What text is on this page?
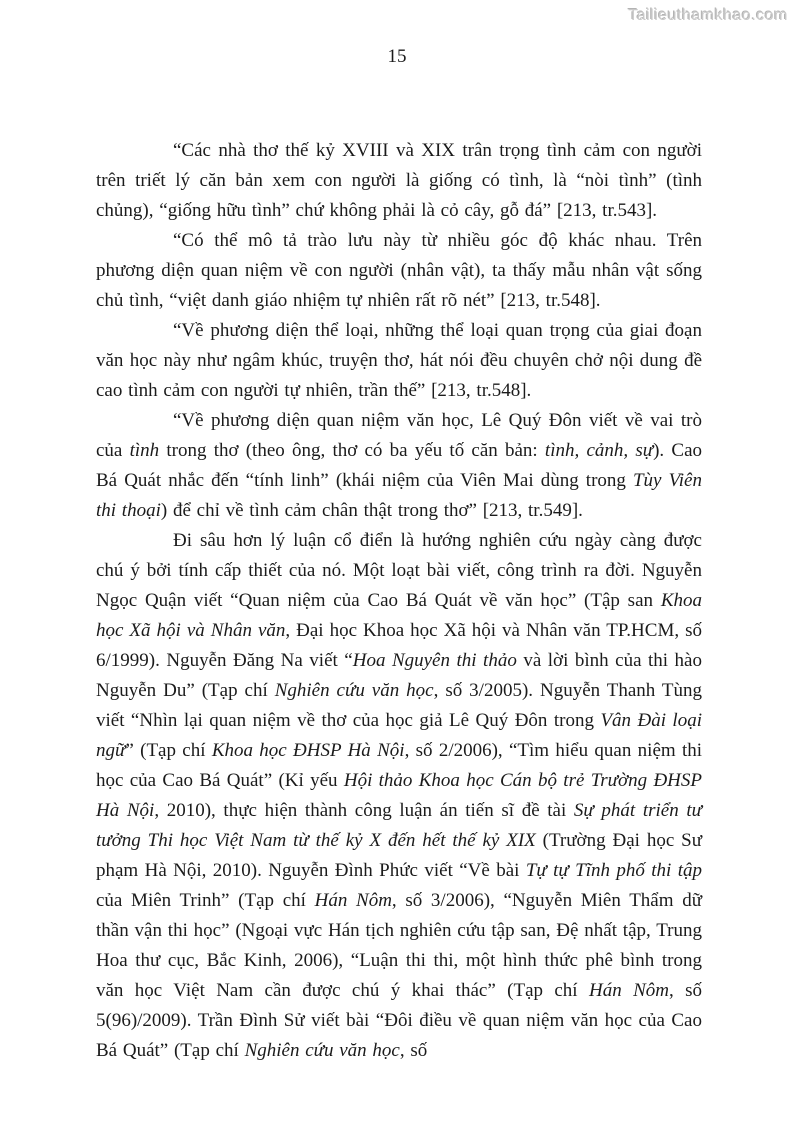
Tailieuthamkhao.com
15

“Các nhà thơ thế kỷ XVIII và XIX trân trọng tình cảm con người trên triết lý căn bản xem con người là giống có tình, là “nòi tình” (tình chủng), “giống hữu tình” chứ không phải là cỏ cây, gỗ đá” [213, tr.543].

“Có thể mô tả trào lưu này từ nhiều góc độ khác nhau. Trên phương diện quan niệm về con người (nhân vật), ta thấy mẫu nhân vật sống chủ tình, “việt danh giáo nhiệm tự nhiên rất rõ nét” [213, tr.548].

“Về phương diện thể loại, những thể loại quan trọng của giai đoạn văn học này như ngâm khúc, truyện thơ, hát nói đều chuyên chở nội dung đề cao tình cảm con người tự nhiên, trần thế” [213, tr.548].

“Về phương diện quan niệm văn học, Lê Quý Đôn viết về vai trò của tình trong thơ (theo ông, thơ có ba yếu tố căn bản: tình, cảnh, sự). Cao Bá Quát nhắc đến “tính linh” (khái niệm của Viên Mai dùng trong Tùy Viên thi thoại) để chỉ về tình cảm chân thật trong thơ” [213, tr.549].

Đi sâu hơn lý luận cổ điển là hướng nghiên cứu ngày càng được chú ý bởi tính cấp thiết của nó. Một loạt bài viết, công trình ra đời. Nguyễn Ngọc Quận viết “Quan niệm của Cao Bá Quát về văn học” (Tập san Khoa học Xã hội và Nhân văn, Đại học Khoa học Xã hội và Nhân văn TP.HCM, số 6/1999). Nguyễn Đăng Na viết “Hoa Nguyên thi thảo và lời bình của thi hào Nguyễn Du” (Tạp chí Nghiên cứu văn học, số 3/2005). Nguyễn Thanh Tùng viết “Nhìn lại quan niệm về thơ của học giả Lê Quý Đôn trong Vân Đài loại ngữ” (Tạp chí Khoa học ĐHSP Hà Nội, số 2/2006), “Tìm hiểu quan niệm thi học của Cao Bá Quát” (Kỉ yếu Hội thảo Khoa học Cán bộ trẻ Trường ĐHSP Hà Nội, 2010), thực hiện thành công luận án tiến sĩ đề tài Sự phát triển tư tưởng Thi học Việt Nam từ thế kỷ X đến hết thế kỷ XIX (Trường Đại học Sư phạm Hà Nội, 2010). Nguyễn Đình Phức viết “Về bài Tự tự Tĩnh phố thi tập của Miên Trinh” (Tạp chí Hán Nôm, số 3/2006), “Nguyễn Miên Thẩm dữ thần vận thi học” (Ngoại vực Hán tịch nghiên cứu tập san, Đệ nhất tập, Trung Hoa thư cục, Bắc Kinh, 2006), “Luận thi thi, một hình thức phê bình trong văn học Việt Nam cần được chú ý khai thác” (Tạp chí Hán Nôm, số 5(96)/2009). Trần Đình Sử viết bài “Đôi điều về quan niệm văn học của Cao Bá Quát” (Tạp chí Nghiên cứu văn học, số
